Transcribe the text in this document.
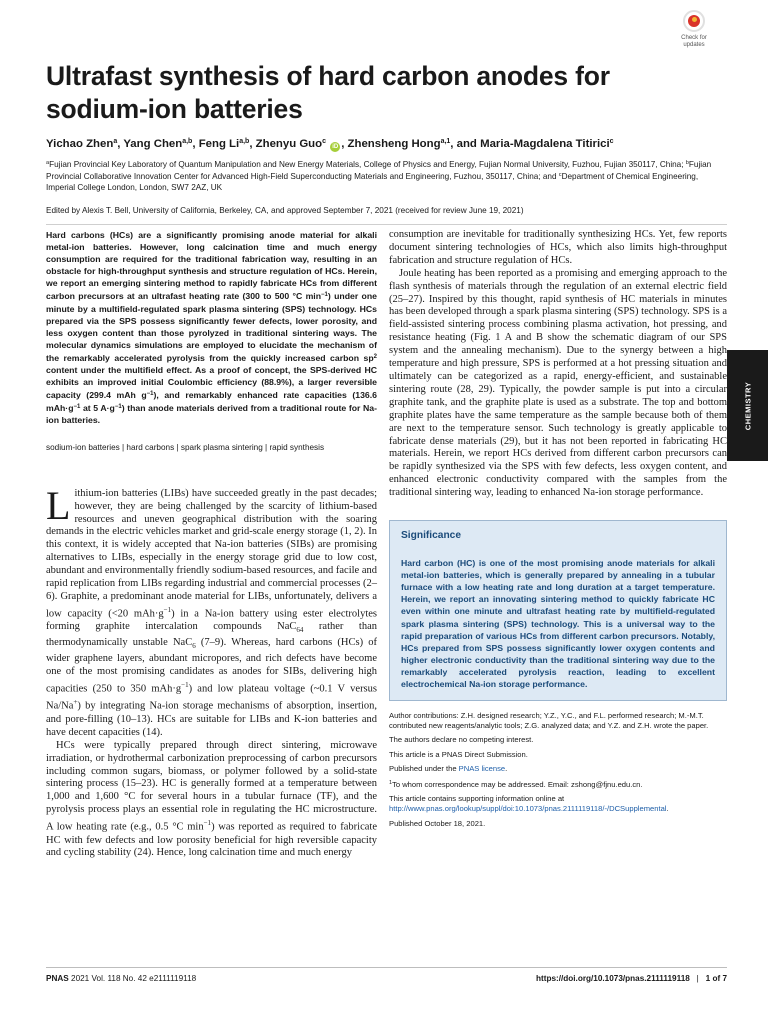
Check for
updates
Ultrafast synthesis of hard carbon anodes for sodium-ion batteries
Yichao Zhen$^a$, Yang Chen$^{a,b}$, Feng Li$^{a,b}$, Zhenyu Guo$^c$ iD , Zhensheng Hong$^{a,1}$, and Maria-Magdalena Titirici$^c$
$^a$Fujian Provincial Key Laboratory of Quantum Manipulation and New Energy Materials, College of Physics and Energy, Fujian Normal University, Fuzhou, Fujian 350117, China; $^b$Fujian Provincial Collaborative Innovation Center for Advanced High-Field Superconducting Materials and Engineering, Fuzhou, 350117, China; and $^c$Department of Chemical Engineering, Imperial College London, London, SW7 2AZ, UK
Edited by Alexis T. Bell, University of California, Berkeley, CA, and approved September 7, 2021 (received for review June 19, 2021)
Hard carbons (HCs) are a significantly promising anode material for alkali metal-ion batteries. However, long calcination time and much energy consumption are required for the traditional fabrication way, resulting in an obstacle for high-throughput synthesis and structure regulation of HCs. Herein, we report an emerging sintering method to rapidly fabricate HCs from different carbon precursors at an ultrafast heating rate (300 to 500 °C $\min^{-1}$) under one minute by a multifield-regulated spark plasma sintering (SPS) technology. HCs prepared via the SPS possess significantly fewer defects, lower porosity, and less oxygen content than those pyrolyzed in traditional sintering ways. The molecular dynamics simulations are employed to elucidate the mechanism of the remarkably accelerated pyrolysis from the quickly increased carbon $sp^2$ content under the multifield effect. As a proof of concept, the SPS-derived HC exhibits an improved initial Coulombic efficiency (88.9%), a larger reversible capacity (299.4 mAh $g^{-1}$), and remarkably enhanced rate capacities (136.6 $mAh\cdot g^{-1}$ at 5 $A\cdot g^{-1}$) than anode materials derived from a traditional route for Na-ion batteries.
sodium-ion batteries | hard carbons | spark plasma sintering | rapid synthesis

Lithium-ion batteries (LIBs) have succeeded greatly in the past decades; however, they are being challenged by the scarcity of lithium-based resources and uneven geographical distribution with the soaring demands in the electric vehicles market and grid-scale energy storage (1, 2). In this context, it is widely accepted that Na-ion batteries (SIBs) are promising alternatives to LIBs, especially in the energy storage grid due to low cost, abundant and environmentally friendly sodium-based resources, and facile and rapid replication from LIBs regarding industrial and commercial processes (2–6). Graphite, a predominant anode material for LIBs, unfortunately, delivers a low capacity (<20 $mAh\cdot g^{-1}$) in a Na-ion battery using ester electrolytes forming graphite intercalation compounds NaC$_{64}$ rather than thermodynamically unstable NaC$_6$ (7–9). Whereas, hard carbons (HCs) of wider graphene layers, abundant micropores, and rich defects have become one of the most promising candidates as anodes for SIBs, delivering high capacities (250 to 350 $mAh\cdot g^{-1}$) and low plateau voltage (~0.1 V versus Na/Na+) by integrating Na-ion storage mechanisms of absorption, insertion, and pore-filling (10–13). HCs are suitable for LIBs and K-ion batteries and have decent capacities (14).

HCs were typically prepared through direct sintering, microwave irradiation, or hydrothermal carbonization preprocessing of carbon precursors including common sugars, biomass, or polymer followed by a solid-state sintering process (15–23). HC is generally formed at a temperature between 1,000 and 1,600 °C for several hours in a tubular furnace (TF), and the pyrolysis process plays an essential role in regulating the HC microstructure. A low heating rate (e.g., 0.5 °C $\min^{-1}$) was reported as required to fabricate HC with few defects and low porosity beneficial for high reversible capacity and cycling stability (24). Hence, long calcination time and much energy

consumption are inevitable for traditionally synthesizing HCs. Yet, few reports document sintering technologies of HCs, which also limits high-throughput fabrication and structure regulation of HCs.

Joule heating has been reported as a promising and emerging approach to the flash synthesis of materials through the regulation of an external electric field (25–27). Inspired by this thought, rapid synthesis of HC materials in minutes has been developed through a spark plasma sintering (SPS) technology. SPS is a field-assisted sintering process combining plasma activation, hot pressing, and resistance heating (Fig. 1 A and B show the schematic diagram of our SPS system and the annealing mechanism). Due to the synergy between a high temperature and high pressure, SPS is performed at a hot pressing situation and ultimately can be categorized as a rapid, energy-efficient, and sustainable sintering route (28, 29). Typically, the powder sample is put into a circular graphite tank, and the graphite plate is used as a substrate. The top and bottom graphite plates have the same temperature as the sample because both of them are next to the temperature sensor. Such technology is greatly applicable to fabricate dense materials (29), but it has not been reported in fabricating HC materials. Herein, we report HCs derived from different carbon precursors can be rapidly synthesized via the SPS with few defects, less oxygen content, and enhanced electronic conductivity compared with the samples from the traditional sintering way, leading to enhanced Na-ion storage performance.

Significance
Hard carbon (HC) is one of the most promising anode materials for alkali metal-ion batteries, which is generally prepared by annealing in a tubular furnace with a low heating rate and long duration at a target temperature. Herein, we report an innovating sintering method to quickly fabricate HC even within one minute and ultrafast heating rate by multifield-regulated spark plasma sintering (SPS) technology. This is a universal way to the rapid preparation of various HCs from different carbon precursors. Notably, HCs prepared from SPS possess significantly lower oxygen contents and higher electronic conductivity than the traditional sintering way due to the remarkably accelerated pyrolysis reaction, leading to excellent electrochemical Na-ion storage performance.

Author contributions: Z.H. designed research; Y.Z., Y.C., and F.L. performed research; M.-M.T. contributed new reagents/analytic tools; Z.G. analyzed data; and Y.Z. and Z.H. wrote the paper.

The authors declare no competing interest.

This article is a PNAS Direct Submission.

Published under the PNAS license.

$^1$To whom correspondence may be addressed. Email: zshong@fjnu.edu.cn.

This article contains supporting information online at http://www.pnas.org/lookup/suppl/doi:10.1073/pnas.2111119118/-/DCSupplemental.

Published October 18, 2021.

CHEMISTRY
PNAS 2021 Vol. 118 No. 42 e2111119118	https://doi.org/10.1073/pnas.2111119118 | 1 of 7
